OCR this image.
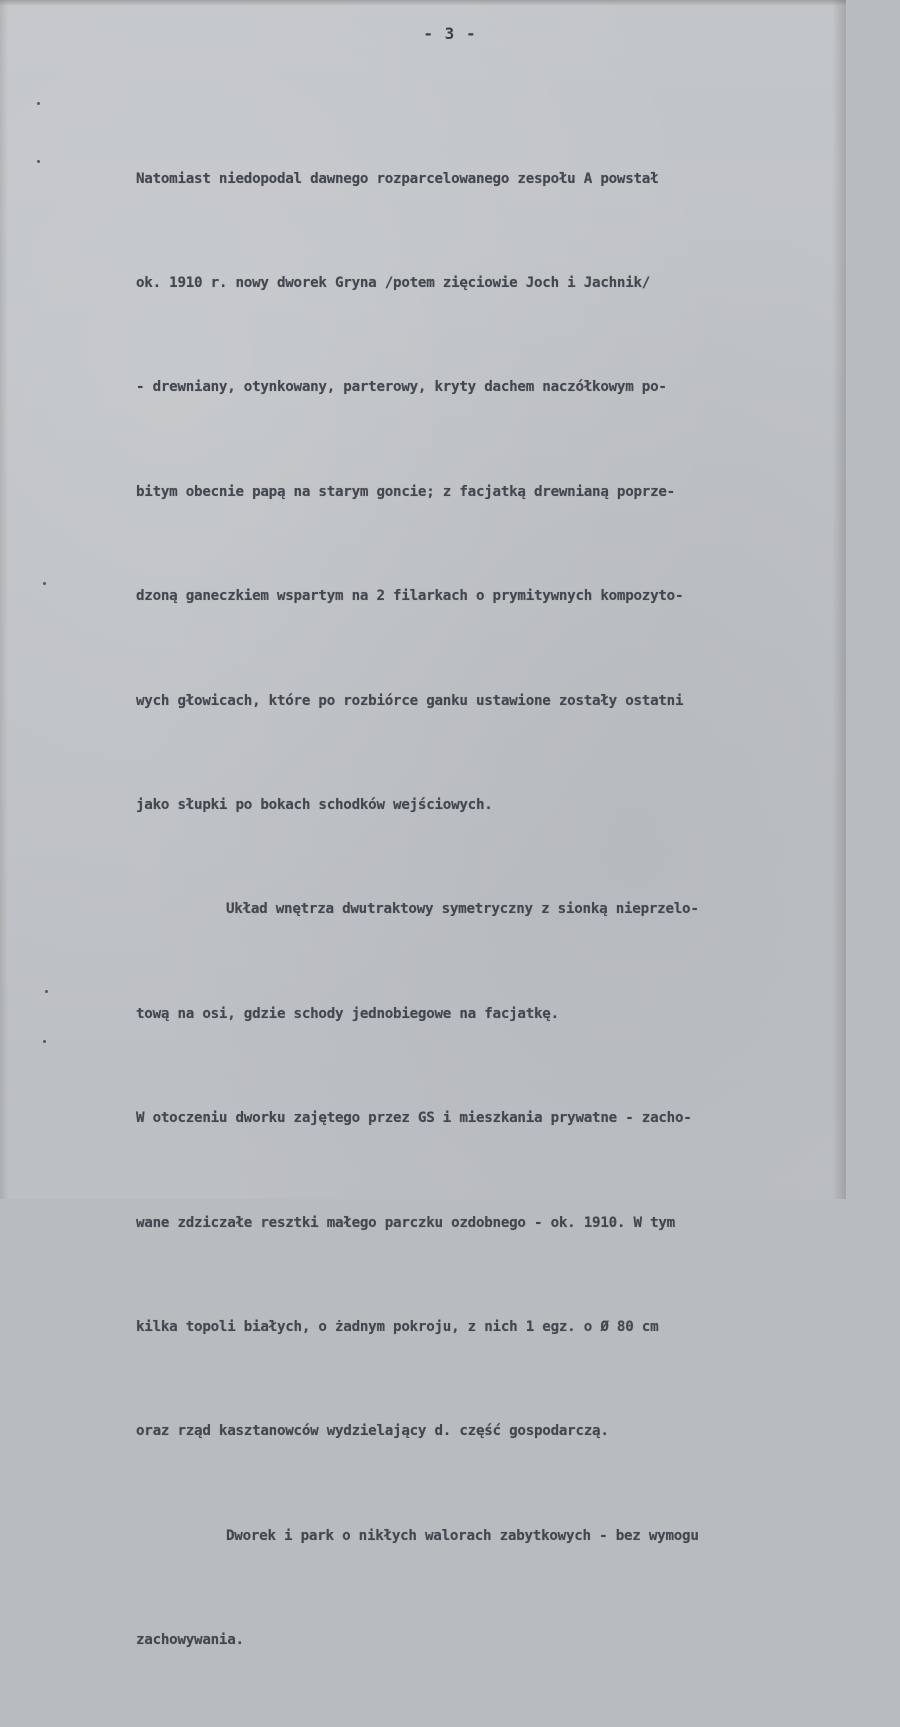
- 3 -

Natomiast niedopodal dawnego rozparcelowanego zespołu A powstał

ok. 1910 r. nowy dworek Gryna /potem zięciowie Joch i Jachnik/

- drewniany, otynkowany, parterowy, kryty dachem naczółkowym po-

bitym obecnie papą na starym goncie; z facjatką drewnianą poprze-

dzoną ganeczkiem wspartym na 2 filarkach o prymitywnych kompozyto-

wych głowicach, które po rozbiórce ganku ustawione zostały ostatni

jako słupki po bokach schodków wejściowych.

Układ wnętrza dwutraktowy symetryczny z sionką nieprzelo-

tową na osi, gdzie schody jednobiegowe na facjatkę.

W otoczeniu dworku zajętego przez GS i mieszkania prywatne - zacho-

wane zdziczałe resztki małego parczku ozdobnego - ok. 1910. W tym

kilka topoli białych, o żadnym pokroju, z nich 1 egz. o Ø 80 cm

oraz rząd kasztanowców wydzielający d. część gospodarczą.

Dworek i park o nikłych walorach zabytkowych - bez wymogu

zachowywania.
